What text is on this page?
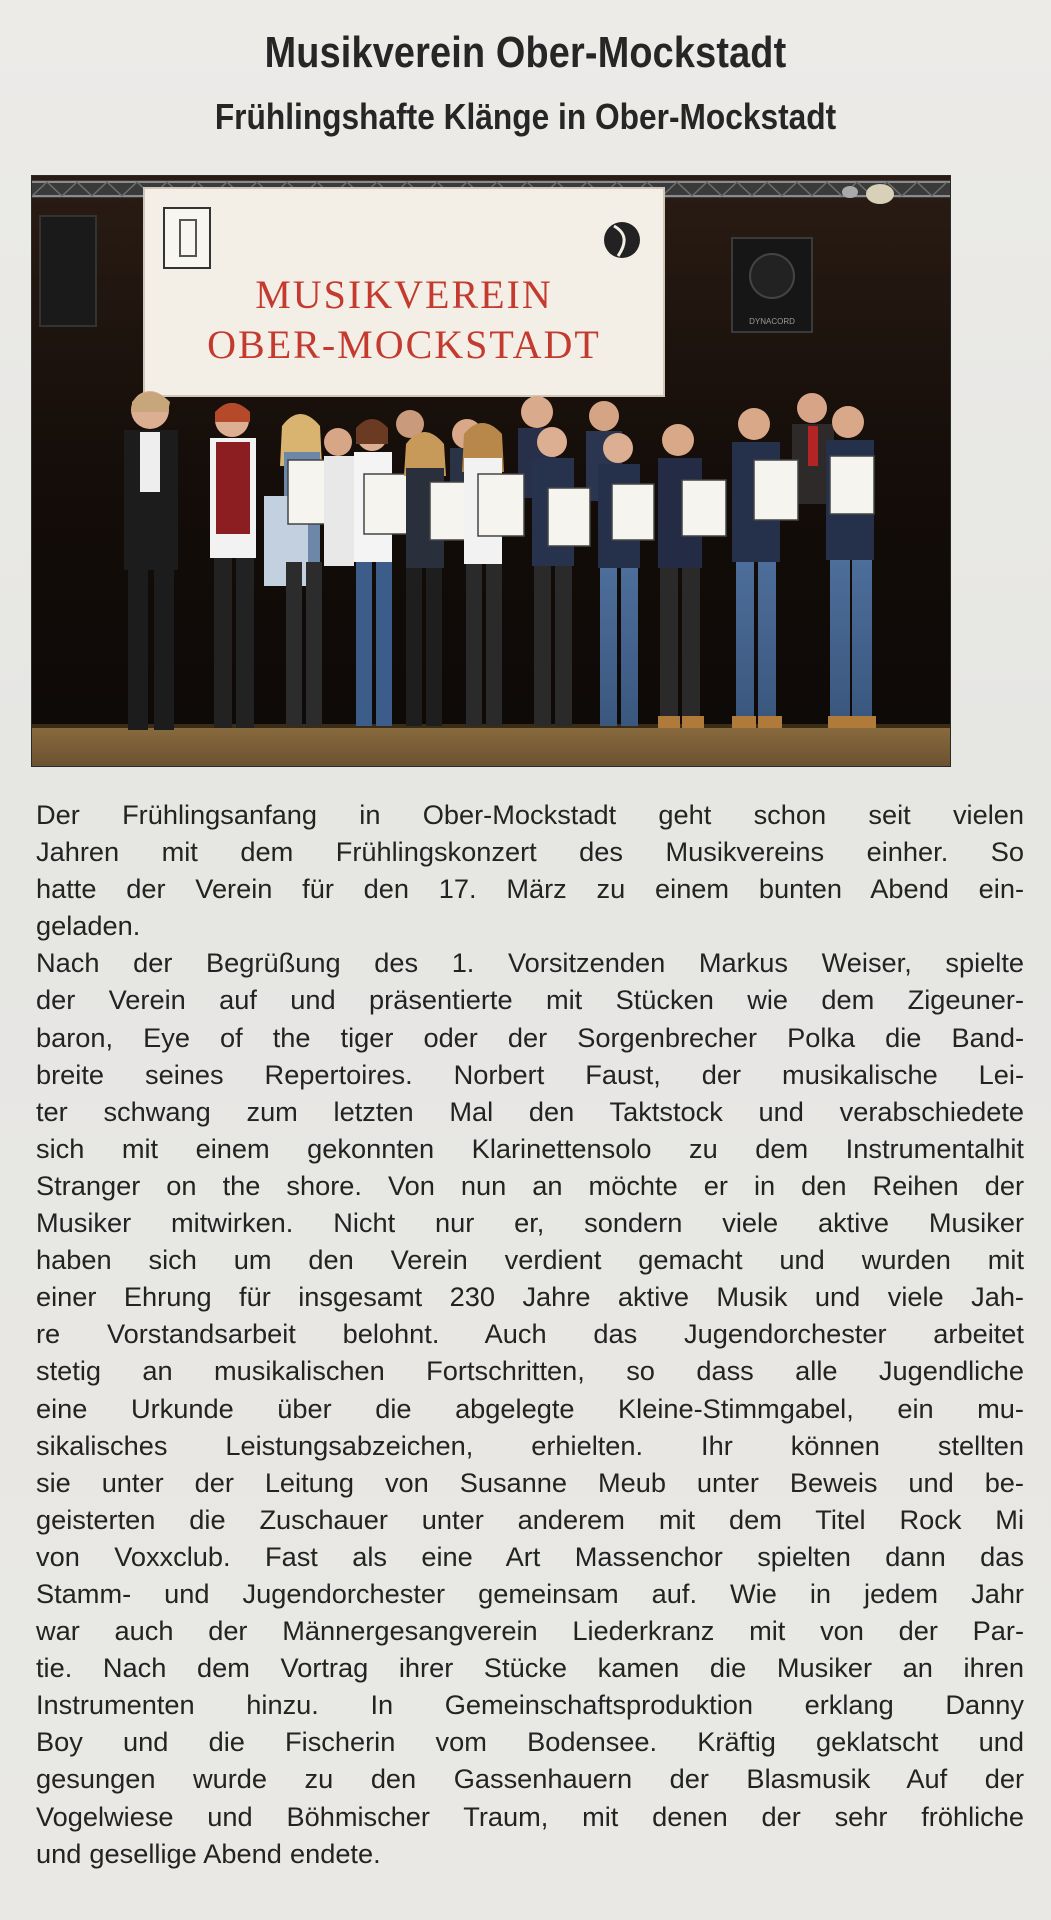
Musikverein Ober-Mockstadt
Frühlingshafte Klänge in Ober-Mockstadt
DYNACORD
MUSIKVEREIN
OBER-MOCKSTADT
Der Frühlingsanfang in Ober-Mockstadt geht schon seit vielen
Jahren mit dem Frühlingskonzert des Musikvereins einher. So
hatte der Verein für den 17. März zu einem bunten Abend ein-
geladen.
Nach der Begrüßung des 1. Vorsitzenden Markus Weiser, spielte
der Verein auf und präsentierte mit Stücken wie dem Zigeuner-
baron, Eye of the tiger oder der Sorgenbrecher Polka die Band-
breite seines Repertoires. Norbert Faust, der musikalische Lei-
ter schwang zum letzten Mal den Taktstock und verabschiedete
sich mit einem gekonnten Klarinettensolo zu dem Instrumentalhit
Stranger on the shore. Von nun an möchte er in den Reihen der
Musiker mitwirken. Nicht nur er, sondern viele aktive Musiker
haben sich um den Verein verdient gemacht und wurden mit
einer Ehrung für insgesamt 230 Jahre aktive Musik und viele Jah-
re Vorstandsarbeit belohnt. Auch das Jugendorchester arbeitet
stetig an musikalischen Fortschritten, so dass alle Jugendliche
eine Urkunde über die abgelegte Kleine-Stimmgabel, ein mu-
sikalisches Leistungsabzeichen, erhielten. Ihr können stellten
sie unter der Leitung von Susanne Meub unter Beweis und be-
geisterten die Zuschauer unter anderem mit dem Titel Rock Mi
von Voxxclub. Fast als eine Art Massenchor spielten dann das
Stamm- und Jugendorchester gemeinsam auf. Wie in jedem Jahr
war auch der Männergesangverein Liederkranz mit von der Par-
tie. Nach dem Vortrag ihrer Stücke kamen die Musiker an ihren
Instrumenten hinzu. In Gemeinschaftsproduktion erklang Danny
Boy und die Fischerin vom Bodensee. Kräftig geklatscht und
gesungen wurde zu den Gassenhauern der Blasmusik Auf der
Vogelwiese und Böhmischer Traum, mit denen der sehr fröhliche
und gesellige Abend endete.
